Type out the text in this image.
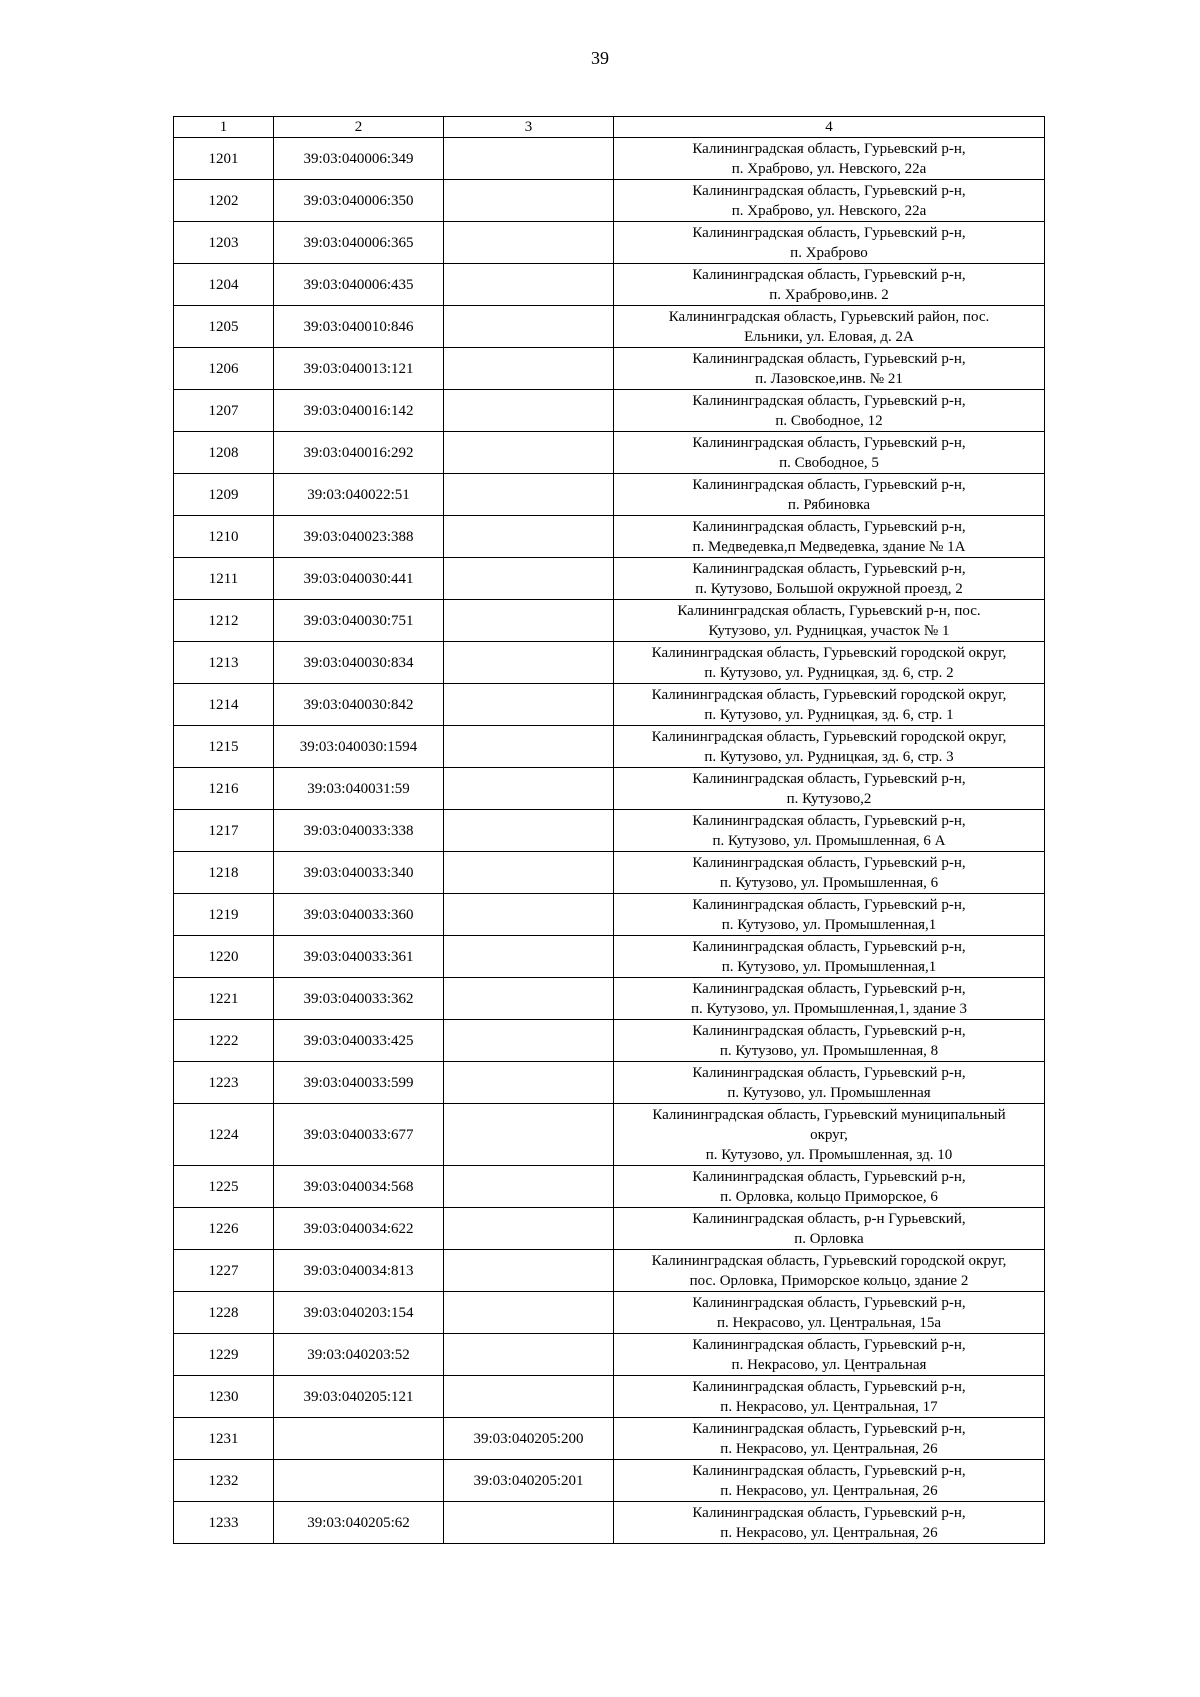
39
1	2	3	4
1201	39:03:040006:349		Калининградская область, Гурьевский р-н,
п. Храброво, ул. Невского, 22а

1202	39:03:040006:350		Калининградская область, Гурьевский р-н,
п. Храброво, ул. Невского, 22а

1203	39:03:040006:365		Калининградская область, Гурьевский р-н,
п. Храброво

1204	39:03:040006:435		Калининградская область, Гурьевский р-н,
п. Храброво,инв. 2

1205	39:03:040010:846		Калининградская область, Гурьевский район, пос.
Ельники, ул. Еловая, д. 2А

1206	39:03:040013:121		Калининградская область, Гурьевский р-н,
п. Лазовское,инв. № 21

1207	39:03:040016:142		Калининградская область, Гурьевский р-н,
п. Свободное, 12

1208	39:03:040016:292		Калининградская область, Гурьевский р-н,
п. Свободное, 5

1209	39:03:040022:51		Калининградская область, Гурьевский р-н,
п. Рябиновка

1210	39:03:040023:388		Калининградская область, Гурьевский р-н,
п. Медведевка,п Медведевка, здание № 1А

1211	39:03:040030:441		Калининградская область, Гурьевский р-н,
п. Кутузово, Большой окружной проезд, 2

1212	39:03:040030:751		Калининградская область, Гурьевский р-н, пос.
Кутузово, ул. Рудницкая, участок № 1

1213	39:03:040030:834		Калининградская область, Гурьевский городской округ,
п. Кутузово, ул. Рудницкая, зд. 6, стр. 2

1214	39:03:040030:842		Калининградская область, Гурьевский городской округ,
п. Кутузово, ул. Рудницкая, зд. 6, стр. 1

1215	39:03:040030:1594		Калининградская область, Гурьевский городской округ,
п. Кутузово, ул. Рудницкая, зд. 6, стр. 3

1216	39:03:040031:59		Калининградская область, Гурьевский р-н,
п. Кутузово,2

1217	39:03:040033:338		Калининградская область, Гурьевский р-н,
п. Кутузово, ул. Промышленная, 6 А

1218	39:03:040033:340		Калининградская область, Гурьевский р-н,
п. Кутузово, ул. Промышленная, 6

1219	39:03:040033:360		Калининградская область, Гурьевский р-н,
п. Кутузово, ул. Промышленная,1

1220	39:03:040033:361		Калининградская область, Гурьевский р-н,
п. Кутузово, ул. Промышленная,1

1221	39:03:040033:362		Калининградская область, Гурьевский р-н,
п. Кутузово, ул. Промышленная,1, здание 3

1222	39:03:040033:425		Калининградская область, Гурьевский р-н,
п. Кутузово, ул. Промышленная, 8

1223	39:03:040033:599		Калининградская область, Гурьевский р-н,
п. Кутузово, ул. Промышленная

1224	39:03:040033:677		Калининградская область, Гурьевский муниципальный
округ,
п. Кутузово, ул. Промышленная, зд. 10

1225	39:03:040034:568		Калининградская область, Гурьевский р-н,
п. Орловка, кольцо Приморское, 6

1226	39:03:040034:622		Калининградская область, р-н Гурьевский,
п. Орловка

1227	39:03:040034:813		Калининградская область, Гурьевский городской округ,
пос. Орловка, Приморское кольцо, здание 2

1228	39:03:040203:154		Калининградская область, Гурьевский р-н,
п. Некрасово, ул. Центральная, 15а

1229	39:03:040203:52		Калининградская область, Гурьевский р-н,
п. Некрасово, ул. Центральная

1230	39:03:040205:121		Калининградская область, Гурьевский р-н,
п. Некрасово, ул. Центральная, 17

1231		39:03:040205:200	Калининградская область, Гурьевский р-н,
п. Некрасово, ул. Центральная, 26

1232		39:03:040205:201	Калининградская область, Гурьевский р-н,
п. Некрасово, ул. Центральная, 26

1233	39:03:040205:62		Калининградская область, Гурьевский р-н,
п. Некрасово, ул. Центральная, 26
